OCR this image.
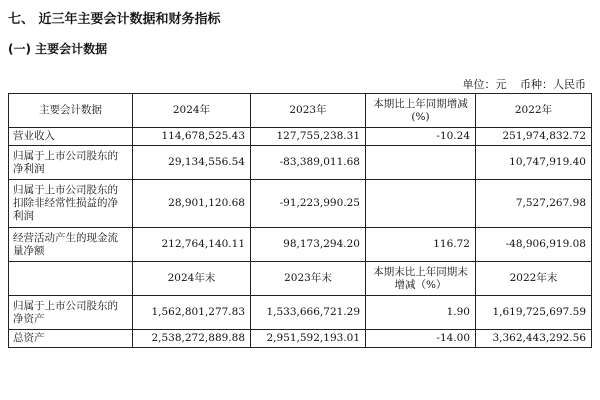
七、 近三年主要会计数据和财务指标
(一) 主要会计数据
单位：元 币种：人民币
主要会计数据	2024年	2023年	本期比上年同期增减(%)	2022年
营业收入	114,678,525.43	127,755,238.31	-10.24	251,974,832.72
归属于上市公司股东的净利润	29,134,556.54	-83,389,011.68		10,747,919.40
归属于上市公司股东的扣除非经常性损益的净利润	28,901,120.68	-91,223,990.25		7,527,267.98
经营活动产生的现金流量净额	212,764,140.11	98,173,294.20	116.72	-48,906,919.08
	2024年末	2023年末	本期末比上年同期末增减（%）	2022年末
归属于上市公司股东的净资产	1,562,801,277.83	1,533,666,721.29	1.90	1,619,725,697.59
总资产	2,538,272,889.88	2,951,592,193.01	-14.00	3,362,443,292.56
